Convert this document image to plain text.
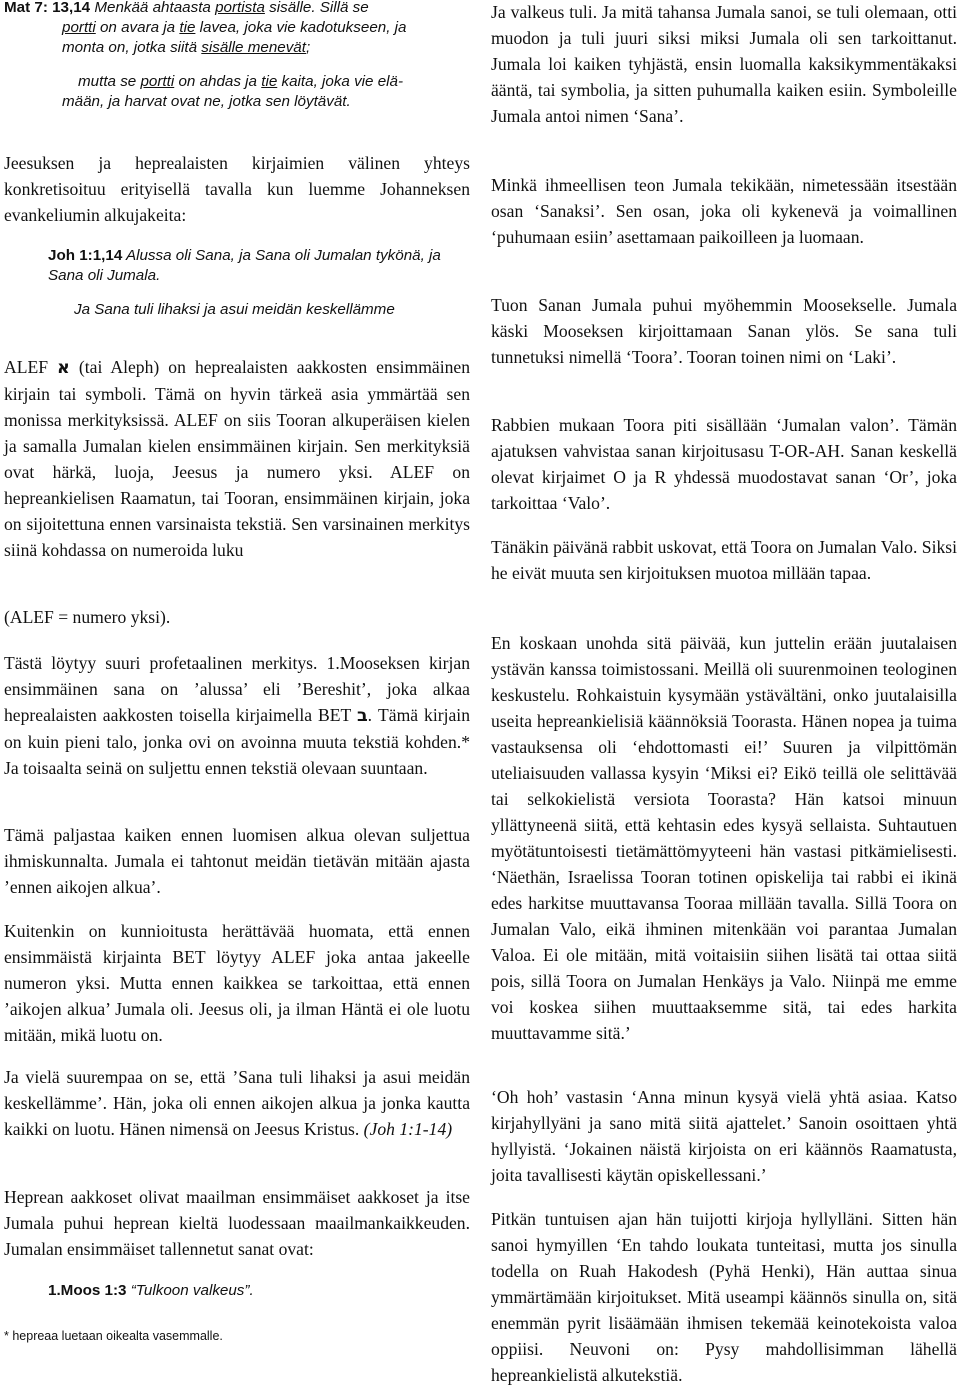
Mat 7: 13,14 Menkää ahtaasta portista sisälle. Sillä se
portti on avara ja tie lavea, joka vie kadotukseen, ja
monta on, jotka siitä sisälle menevät;
mutta se portti on ahdas ja tie kaita, joka vie elä-
mään, ja harvat ovat ne, jotka sen löytävät.

Jeesuksen ja heprealaisten kirjaimien välinen yhteys konkretisoituu erityisellä tavalla kun luemme Johanneksen evankeliumin alkujakeita:

Joh 1:1,14 Alussa oli Sana, ja Sana oli Jumalan tykönä, ja Sana oli Jumala.
Ja Sana tuli lihaksi ja asui meidän keskellämme

ALEF א (tai Aleph) on heprealaisten aakkosten ensimmäinen kirjain tai symboli. Tämä on hyvin tärkeä asia ymmärtää sen monissa merkityksissä. ALEF on siis Tooran alkuperäisen kielen ja samalla Jumalan kielen ensimmäinen kirjain. Sen merkityksiä ovat härkä, luoja, Jeesus ja numero yksi. ALEF on hepreankielisen Raamatun, tai Tooran, ensimmäinen kirjain, joka on sijoitettuna ennen varsinaista tekstiä. Sen varsinainen merkitys siinä kohdassa on numeroida luku

(ALEF = numero yksi).

Tästä löytyy suuri profetaalinen merkitys. 1.Mooseksen kirjan ensimmäinen sana on ’alussa’ eli ’Bereshit’, joka alkaa heprealaisten aakkosten toisella kirjaimella BET ב. Tämä kirjain on kuin pieni talo, jonka ovi on avoinna muuta tekstiä kohden.* Ja toisaalta seinä on suljettu ennen tekstiä olevaan suuntaan.

Tämä paljastaa kaiken ennen luomisen alkua olevan suljettua ihmiskunnalta. Jumala ei tahtonut meidän tietävän mitään ajasta ’ennen aikojen alkua’.

Kuitenkin on kunnioitusta herättävää huomata, että ennen ensimmäistä kirjainta BET löytyy ALEF joka antaa jakeelle numeron yksi. Mutta ennen kaikkea se tarkoittaa, että ennen ’aikojen alkua’ Jumala oli. Jeesus oli, ja ilman Häntä ei ole luotu mitään, mikä luotu on.

Ja vielä suurempaa on se, että ’Sana tuli lihaksi ja asui meidän keskellämme’. Hän, joka oli ennen aikojen alkua ja jonka kautta kaikki on luotu. Hänen nimensä on Jeesus Kristus. (Joh 1:1-14)

Heprean aakkoset olivat maailman ensimmäiset aakkoset ja itse Jumala puhui heprean kieltä luodessaan maailmankaikkeuden. Jumalan ensimmäiset tallennetut sanat ovat:

1.Moos 1:3 “Tulkoon valkeus”.
* hepreaa luetaan oikealta vasemmalle.

Ja valkeus tuli. Ja mitä tahansa Jumala sanoi, se tuli olemaan, otti muodon ja tuli juuri siksi miksi Jumala oli sen tarkoittanut. Jumala loi kaiken tyhjästä, ensin luomalla kaksikymmentäkaksi ääntä, tai symbolia, ja sitten puhumalla kaiken esiin. Symboleille Jumala antoi nimen ‘Sana’.

Minkä ihmeellisen teon Jumala tekikään, nimetessään itsestään osan ‘Sanaksi’. Sen osan, joka oli kykenevä ja voimallinen ‘puhumaan esiin’ asettamaan paikoilleen ja luomaan.

Tuon Sanan Jumala puhui myöhemmin Moosekselle. Jumala käski Mooseksen kirjoittamaan Sanan ylös. Se sana tuli tunnetuksi nimellä ‘Toora’. Tooran toinen nimi on ‘Laki’.

Rabbien mukaan Toora piti sisällään ‘Jumalan valon’. Tämän ajatuksen vahvistaa sanan kirjoitusasu T-OR-AH. Sanan keskellä olevat kirjaimet O ja R yhdessä muodostavat sanan ‘Or’, joka tarkoittaa ‘Valo’.

Tänäkin päivänä rabbit uskovat, että Toora on Jumalan Valo. Siksi he eivät muuta sen kirjoituksen muotoa millään tapaa.

En koskaan unohda sitä päivää, kun juttelin erään juutalaisen ystävän kanssa toimistossani. Meillä oli suurenmoinen teologinen keskustelu. Rohkaistuin kysymään ystävältäni, onko juutalaisilla useita hepreankielisiä käännöksiä Toorasta. Hänen nopea ja tuima vastauksensa oli ‘ehdottomasti ei!’ Suuren ja vilpittömän uteliaisuuden vallassa kysyin ‘Miksi ei? Eikö teillä ole selittävää tai selkokielistä versiota Toorasta? Hän katsoi minuun yllättyneenä siitä, että kehtasin edes kysyä sellaista. Suhtautuen myötätuntoisesti tietämättömyyteeni hän vastasi pitkämielisesti. ‘Näethän, Israelissa Tooran totinen opiskelija tai rabbi ei ikinä edes harkitse muuttavansa Tooraa millään tavalla. Sillä Toora on Jumalan Valo, eikä ihminen mitenkään voi parantaa Jumalan Valoa. Ei ole mitään, mitä voitaisiin siihen lisätä tai ottaa siitä pois, sillä Toora on Jumalan Henkäys ja Valo. Niinpä me emme voi koskea siihen muuttaaksemme sitä, tai edes harkita muuttavamme sitä.’

‘Oh hoh’ vastasin ‘Anna minun kysyä vielä yhtä asiaa. Katso kirjahyllyäni ja sano mitä siitä ajattelet.’ Sanoin osoittaen yhtä hyllyistä. ‘Jokainen näistä kirjoista on eri käännös Raamatusta, joita tavallisesti käytän opiskellessani.’

Pitkän tuntuisen ajan hän tuijotti kirjoja hyllylläni. Sitten hän sanoi hymyillen ‘En tahdo loukata tunteitasi, mutta jos sinulla todella on Ruah Hakodesh (Pyhä Henki), Hän auttaa sinua ymmärtämään kirjoitukset. Mitä useampi käännös sinulla on, sitä enemmän pyrit lisäämään ihmisen tekemää keinotekoista valoa oppiisi. Neuvoni on: Pysy mahdollisimman lähellä hepreankielistä alkutekstiä.
